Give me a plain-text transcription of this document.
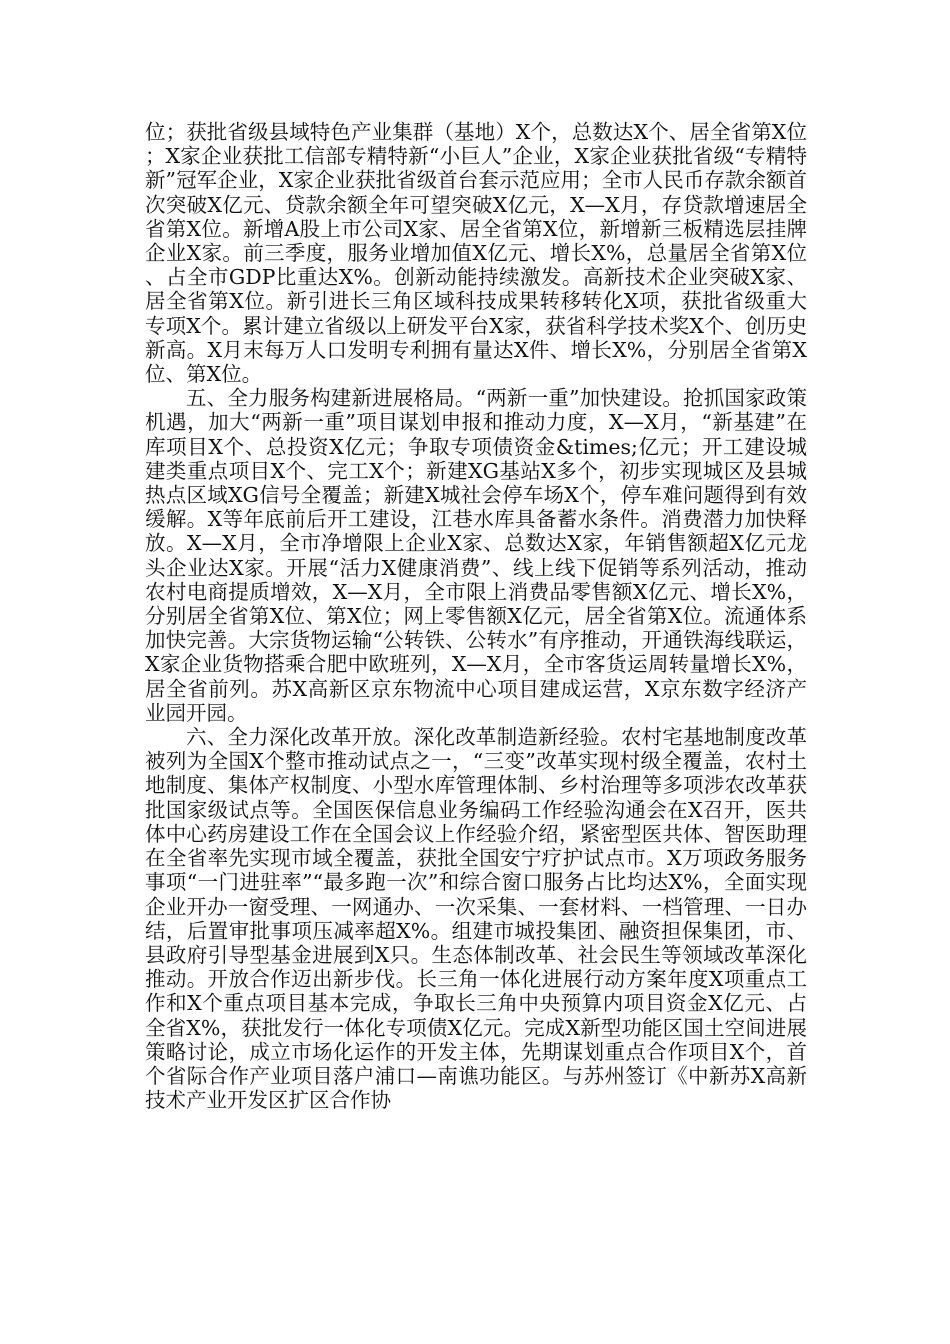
位；获批省级县域特色产业集群（基地）X个，总数达X个、居全省第X位；X家企业获批工信部专精特新“小巨人”企业，X家企业获批省级“专精特新”冠军企业，X家企业获批省级首台套示范应用；全市人民币存款余额首次突破X亿元、贷款余额全年可望突破X亿元，X—X月，存贷款增速居全省第X位。新增A股上市公司X家、居全省第X位，新增新三板精选层挂牌企业X家。前三季度，服务业增加值X亿元、增长X%，总量居全省第X位、占全市GDP比重达X%。创新动能持续激发。高新技术企业突破X家、居全省第X位。新引进长三角区域科技成果转移转化X项，获批省级重大专项X个。累计建立省级以上研发平台X家，获省科学技术奖X个、创历史新高。X月末每万人口发明专利拥有量达X件、增长X%，分别居全省第X位、第X位。

五、全力服务构建新进展格局。“两新一重”加快建设。抢抓国家政策机遇，加大“两新一重”项目谋划申报和推动力度，X—X月，“新基建”在库项目X个、总投资X亿元；争取专项债资金&times;亿元；开工建设城建类重点项目X个、完工X个；新建XG基站X多个，初步实现城区及县城热点区域XG信号全覆盖；新建X城社会停车场X个，停车难问题得到有效缓解。X等年底前后开工建设，江巷水库具备蓄水条件。消费潜力加快释放。X—X月，全市净增限上企业X家、总数达X家，年销售额超X亿元龙头企业达X家。开展“活力X健康消费”、线上线下促销等系列活动，推动农村电商提质增效，X—X月，全市限上消费品零售额X亿元、增长X%，分别居全省第X位、第X位；网上零售额X亿元，居全省第X位。流通体系加快完善。大宗货物运输“公转铁、公转水”有序推动，开通铁海线联运，X家企业货物搭乘合肥中欧班列，X—X月，全市客货运周转量增长X%，居全省前列。苏X高新区京东物流中心项目建成运营，X京东数字经济产业园开园。

六、全力深化改革开放。深化改革制造新经验。农村宅基地制度改革被列为全国X个整市推动试点之一，“三变”改革实现村级全覆盖，农村土地制度、集体产权制度、小型水库管理体制、乡村治理等多项涉农改革获批国家级试点等。全国医保信息业务编码工作经验沟通会在X召开，医共体中心药房建设工作在全国会议上作经验介绍，紧密型医共体、智医助理在全省率先实现市域全覆盖，获批全国安宁疗护试点市。X万项政务服务事项“一门进驻率”“最多跑一次”和综合窗口服务占比均达X%，全面实现企业开办一窗受理、一网通办、一次采集、一套材料、一档管理、一日办结，后置审批事项压减率超X%。组建市城投集团、融资担保集团，市、县政府引导型基金进展到X只。生态体制改革、社会民生等领域改革深化推动。开放合作迈出新步伐。长三角一体化进展行动方案年度X项重点工作和X个重点项目基本完成，争取长三角中央预算内项目资金X亿元、占全省X%，获批发行一体化专项债X亿元。完成X新型功能区国土空间进展策略讨论，成立市场化运作的开发主体，先期谋划重点合作项目X个，首个省际合作产业项目落户浦口—南谯功能区。与苏州签订《中新苏X高新技术产业开发区扩区合作协
